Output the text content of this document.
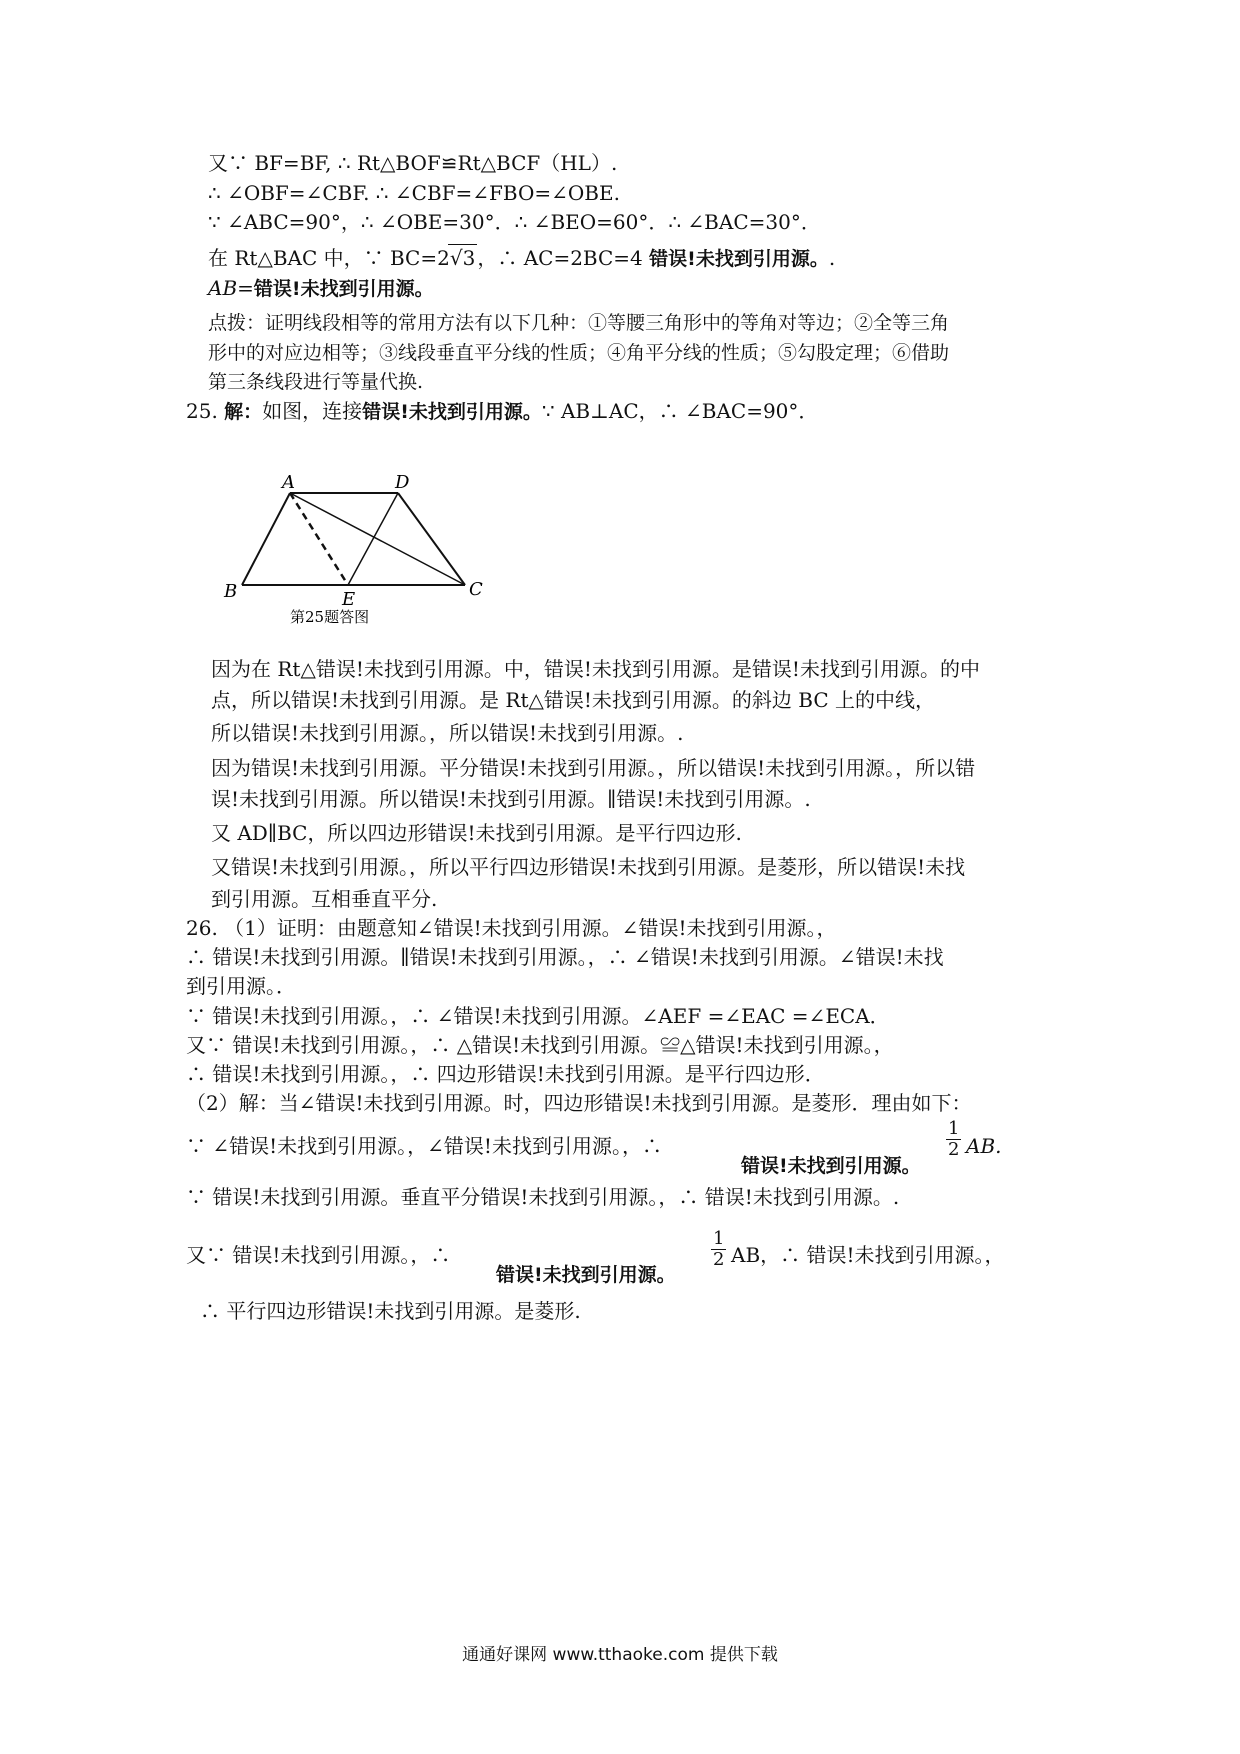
又∵ BF=BF, ∴ Rt△BOF≌Rt△BCF（HL）.
∴ ∠OBF=∠CBF. ∴ ∠CBF=∠FBO=∠OBE.
∵ ∠ABC=90°，∴ ∠OBE=30°．∴ ∠BEO=60°．∴ ∠BAC=30°．
在 Rt△BAC 中，∵ BC=2√3 ，∴ AC=2BC=4 错误!未找到引用源。.
AB=错误!未找到引用源。
点拨：证明线段相等的常用方法有以下几种：①等腰三角形中的等角对等边；②全等三角
形中的对应边相等；③线段垂直平分线的性质；④角平分线的性质；⑤勾股定理；⑥借助
第三条线段进行等量代换.
25. 解：如图，连接错误!未找到引用源。∵ AB⊥AC，∴ ∠BAC=90°．
A	D
B	E	C
第25题答图
因为在 Rt△错误!未找到引用源。中，错误!未找到引用源。是错误!未找到引用源。的中
点，所以错误!未找到引用源。是 Rt△错误!未找到引用源。的斜边 BC 上的中线，
所以错误!未找到引用源。，所以错误!未找到引用源。.
因为错误!未找到引用源。平分错误!未找到引用源。，所以错误!未找到引用源。，所以错
误!未找到引用源。所以错误!未找到引用源。∥错误!未找到引用源。.
又 AD∥BC，所以四边形错误!未找到引用源。是平行四边形.
又错误!未找到引用源。，所以平行四边形错误!未找到引用源。是菱形，所以错误!未找
到引用源。互相垂直平分.
26. （1）证明：由题意知∠错误!未找到引用源。∠错误!未找到引用源。，
∴ 错误!未找到引用源。∥错误!未找到引用源。，∴ ∠错误!未找到引用源。∠错误!未找
到引用源。．
∵ 错误!未找到引用源。，∴ ∠错误!未找到引用源。∠AEF =∠EAC =∠ECA．
又∵ 错误!未找到引用源。，∴ △错误!未找到引用源。≌△错误!未找到引用源。，
∴ 错误!未找到引用源。，∴ 四边形错误!未找到引用源。是平行四边形．
（2）解：当∠错误!未找到引用源。时，四边形错误!未找到引用源。是菱形．理由如下：
∵ ∠错误!未找到引用源。，∠错误!未找到引用源。，∴
错误!未找到引用源。
$\frac{1}{2}$ AB.
∵ 错误!未找到引用源。垂直平分错误!未找到引用源。，∴ 错误!未找到引用源。.
又∵ 错误!未找到引用源。，∴
错误!未找到引用源。
$\frac{1}{2}$ AB，∴ 错误!未找到引用源。，
∴ 平行四边形错误!未找到引用源。是菱形.
通通好课网 www.tthaoke.com 提供下载
